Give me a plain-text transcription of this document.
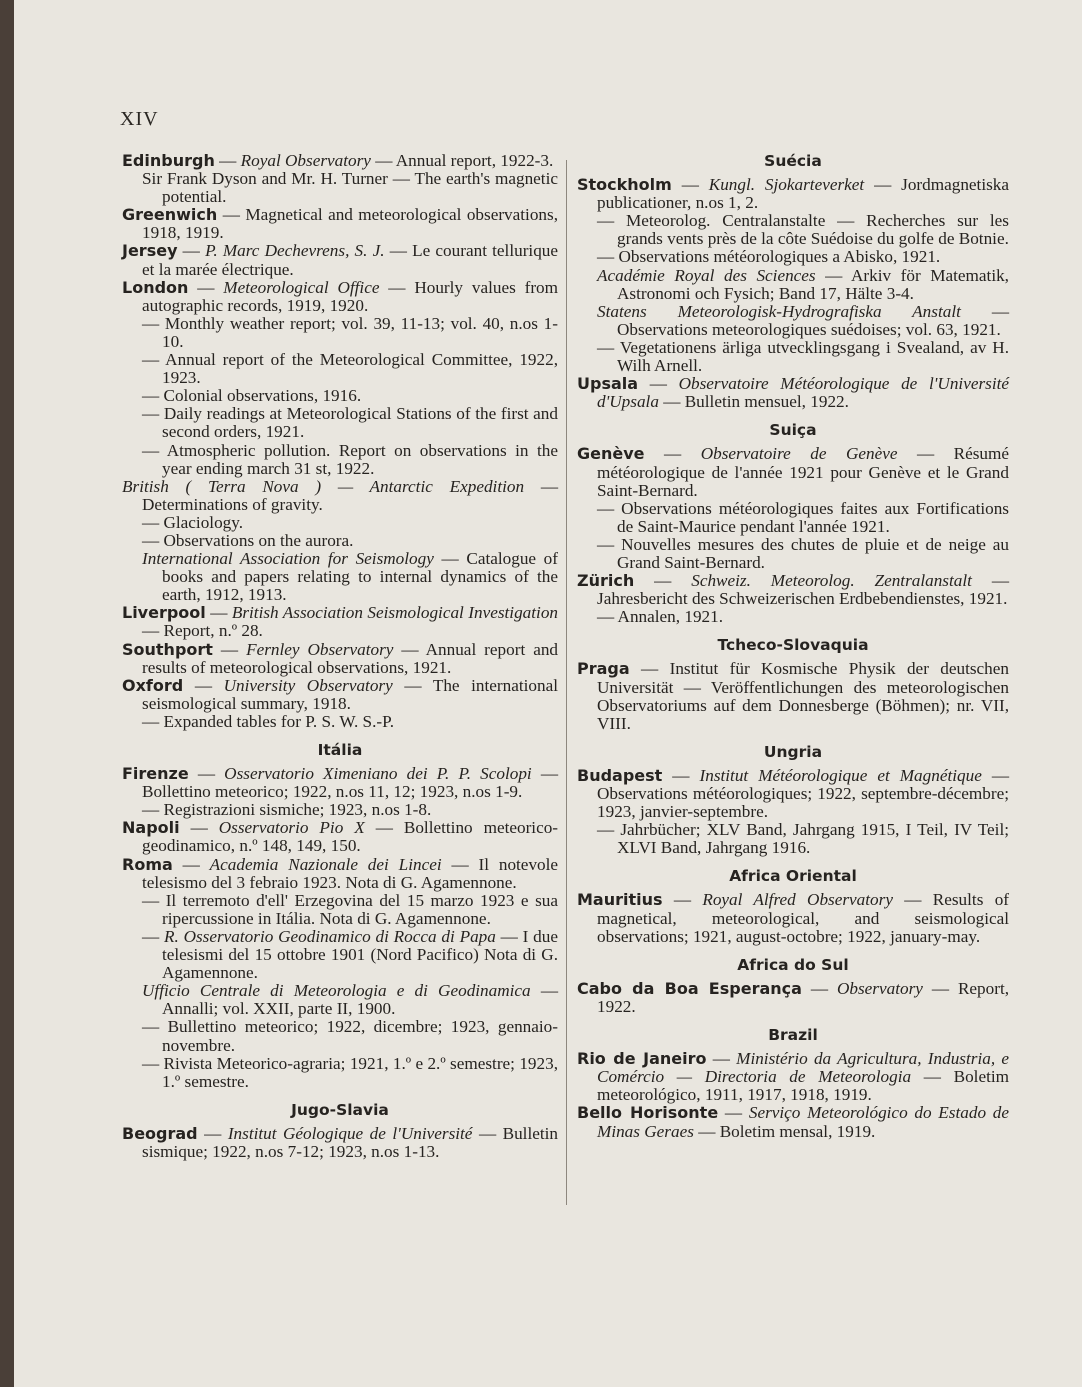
XIV
Edinburgh — Royal Observatory — Annual report, 1922-3.
Sir Frank Dyson and Mr. H. Turner — The earth's magnetic potential.
Greenwich — Magnetical and meteorological observations, 1918, 1919.
Jersey — P. Marc Dechevrens, S. J. — Le courant tellurique et la marée électrique.
London — Meteorological Office — Hourly values from autographic records, 1919, 1920.
— Monthly weather report; vol. 39, 11-13; vol. 40, n.os 1-10.
— Annual report of the Meteorological Committee, 1922, 1923.
— Colonial observations, 1916.
— Daily readings at Meteorological Stations of the first and second orders, 1921.
— Atmospheric pollution. Report on observations in the year ending march 31 st, 1922.
British ( Terra Nova ) — Antarctic Expedition — Determinations of gravity.
— Glaciology.
— Observations on the aurora.
International Association for Seismology — Catalogue of books and papers relating to internal dynamics of the earth, 1912, 1913.
Liverpool — British Association Seismological Investigation — Report, n.º 28.
Southport — Fernley Observatory — Annual report and results of meteorological observations, 1921.
Oxford — University Observatory — The international seismological summary, 1918.
— Expanded tables for P. S. W. S.-P.
Itália
Firenze — Osservatorio Ximeniano dei P. P. Scolopi — Bollettino meteorico; 1922, n.os 11, 12; 1923, n.os 1-9.
— Registrazioni sismiche; 1923, n.os 1-8.
Napoli — Osservatorio Pio X — Bollettino meteorico-geodinamico, n.º 148, 149, 150.
Roma — Academia Nazionale dei Lincei — Il notevole telesismo del 3 febraio 1923. Nota di G. Agamennone.
— Il terremoto d'ell' Erzegovina del 15 marzo 1923 e sua ripercussione in Itália. Nota di G. Agamennone.
— R. Osservatorio Geodinamico di Rocca di Papa — I due telesismi del 15 ottobre 1901 (Nord Pacifico) Nota di G. Agamennone.
Ufficio Centrale di Meteorologia e di Geodinamica — Annalli; vol. XXII, parte II, 1900.
— Bullettino meteorico; 1922, dicembre; 1923, gennaio-novembre.
— Rivista Meteorico-agraria; 1921, 1.º e 2.º semestre; 1923, 1.º semestre.
Jugo-Slavia
Beograd — Institut Géologique de l'Université — Bulletin sismique; 1922, n.os 7-12; 1923, n.os 1-13.
Suécia
Stockholm — Kungl. Sjokarteverket — Jordmagnetiska publicationer, n.os 1, 2.
— Meteorolog. Centralanstalte — Recherches sur les grands vents près de la côte Suédoise du golfe de Botnie.
— Observations météorologiques a Abisko, 1921.
Académie Royal des Sciences — Arkiv för Matematik, Astronomi och Fysich; Band 17, Hälte 3-4.
Statens Meteorologisk-Hydrografiska Anstalt — Observations meteorologiques suédoises; vol. 63, 1921.
— Vegetationens ärliga utvecklingsgang i Svealand, av H. Wilh Arnell.
Upsala — Observatoire Météorologique de l'Université d'Upsala — Bulletin mensuel, 1922.
Suiça
Genève — Observatoire de Genève — Résumé météorologique de l'année 1921 pour Genève et le Grand Saint-Bernard.
— Observations météorologiques faites aux Fortifications de Saint-Maurice pendant l'année 1921.
— Nouvelles mesures des chutes de pluie et de neige au Grand Saint-Bernard.
Zürich — Schweiz. Meteorolog. Zentralanstalt — Jahresbericht des Schweizerischen Erdbebendienstes, 1921.
— Annalen, 1921.
Tcheco-Slovaquia
Praga — Institut für Kosmische Physik der deutschen Universität — Veröffentlichungen des meteorologischen Observatoriums auf dem Donnesberge (Böhmen); nr. VII, VIII.
Ungria
Budapest — Institut Météorologique et Magnétique — Observations météorologiques; 1922, septembre-décembre; 1923, janvier-septembre.
— Jahrbücher; XLV Band, Jahrgang 1915, I Teil, IV Teil; XLVI Band, Jahrgang 1916.
Africa Oriental
Mauritius — Royal Alfred Observatory — Results of magnetical, meteorological, and seismological observations; 1921, august-octobre; 1922, january-may.
Africa do Sul
Cabo da Boa Esperança — Observatory — Report, 1922.
Brazil
Rio de Janeiro — Ministério da Agricultura, Industria, e Comércio — Directoria de Meteorologia — Boletim meteorológico, 1911, 1917, 1918, 1919.
Bello Horisonte — Serviço Meteorológico do Estado de Minas Geraes — Boletim mensal, 1919.
